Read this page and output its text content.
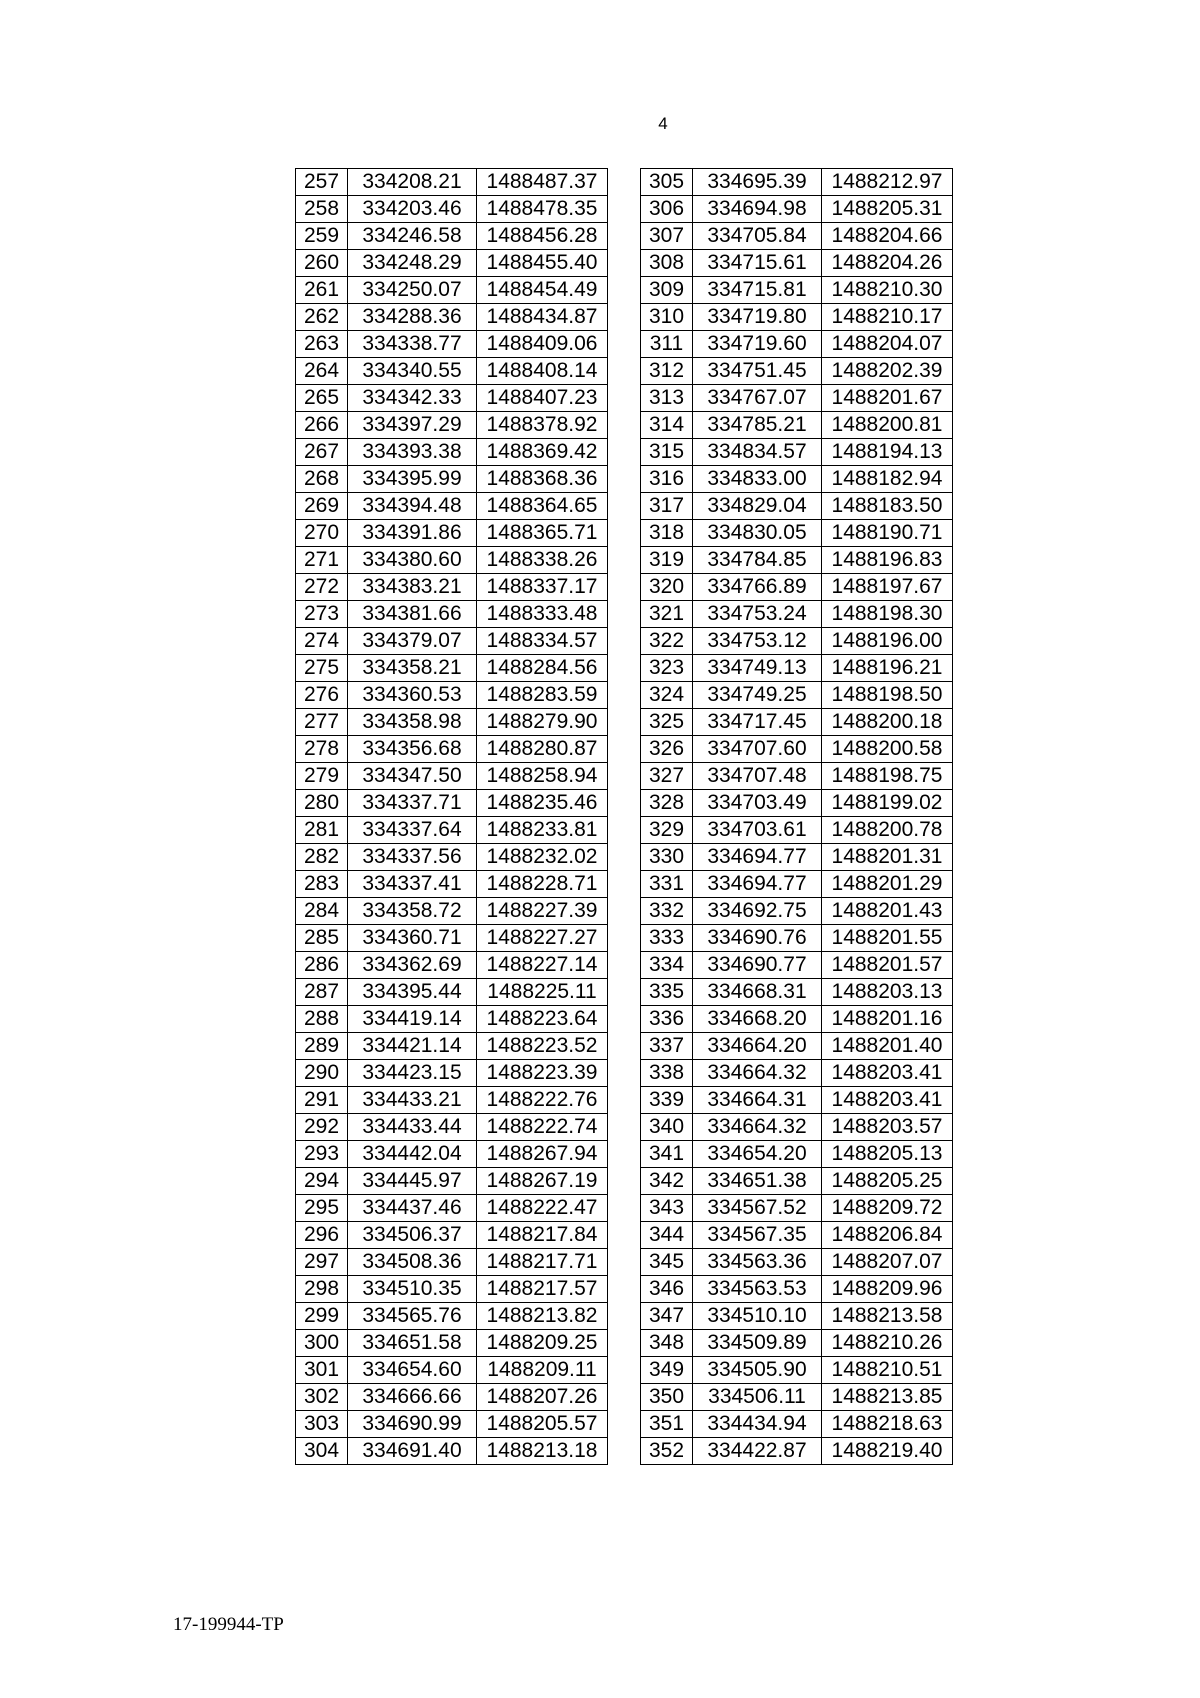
4
257	334208.21	1488487.37
258	334203.46	1488478.35
259	334246.58	1488456.28
260	334248.29	1488455.40
261	334250.07	1488454.49
262	334288.36	1488434.87
263	334338.77	1488409.06
264	334340.55	1488408.14
265	334342.33	1488407.23
266	334397.29	1488378.92
267	334393.38	1488369.42
268	334395.99	1488368.36
269	334394.48	1488364.65
270	334391.86	1488365.71
271	334380.60	1488338.26
272	334383.21	1488337.17
273	334381.66	1488333.48
274	334379.07	1488334.57
275	334358.21	1488284.56
276	334360.53	1488283.59
277	334358.98	1488279.90
278	334356.68	1488280.87
279	334347.50	1488258.94
280	334337.71	1488235.46
281	334337.64	1488233.81
282	334337.56	1488232.02
283	334337.41	1488228.71
284	334358.72	1488227.39
285	334360.71	1488227.27
286	334362.69	1488227.14
287	334395.44	1488225.11
288	334419.14	1488223.64
289	334421.14	1488223.52
290	334423.15	1488223.39
291	334433.21	1488222.76
292	334433.44	1488222.74
293	334442.04	1488267.94
294	334445.97	1488267.19
295	334437.46	1488222.47
296	334506.37	1488217.84
297	334508.36	1488217.71
298	334510.35	1488217.57
299	334565.76	1488213.82
300	334651.58	1488209.25
301	334654.60	1488209.11
302	334666.66	1488207.26
303	334690.99	1488205.57
304	334691.40	1488213.18
305	334695.39	1488212.97
306	334694.98	1488205.31
307	334705.84	1488204.66
308	334715.61	1488204.26
309	334715.81	1488210.30
310	334719.80	1488210.17
311	334719.60	1488204.07
312	334751.45	1488202.39
313	334767.07	1488201.67
314	334785.21	1488200.81
315	334834.57	1488194.13
316	334833.00	1488182.94
317	334829.04	1488183.50
318	334830.05	1488190.71
319	334784.85	1488196.83
320	334766.89	1488197.67
321	334753.24	1488198.30
322	334753.12	1488196.00
323	334749.13	1488196.21
324	334749.25	1488198.50
325	334717.45	1488200.18
326	334707.60	1488200.58
327	334707.48	1488198.75
328	334703.49	1488199.02
329	334703.61	1488200.78
330	334694.77	1488201.31
331	334694.77	1488201.29
332	334692.75	1488201.43
333	334690.76	1488201.55
334	334690.77	1488201.57
335	334668.31	1488203.13
336	334668.20	1488201.16
337	334664.20	1488201.40
338	334664.32	1488203.41
339	334664.31	1488203.41
340	334664.32	1488203.57
341	334654.20	1488205.13
342	334651.38	1488205.25
343	334567.52	1488209.72
344	334567.35	1488206.84
345	334563.36	1488207.07
346	334563.53	1488209.96
347	334510.10	1488213.58
348	334509.89	1488210.26
349	334505.90	1488210.51
350	334506.11	1488213.85
351	334434.94	1488218.63
352	334422.87	1488219.40
17-199944-TP
